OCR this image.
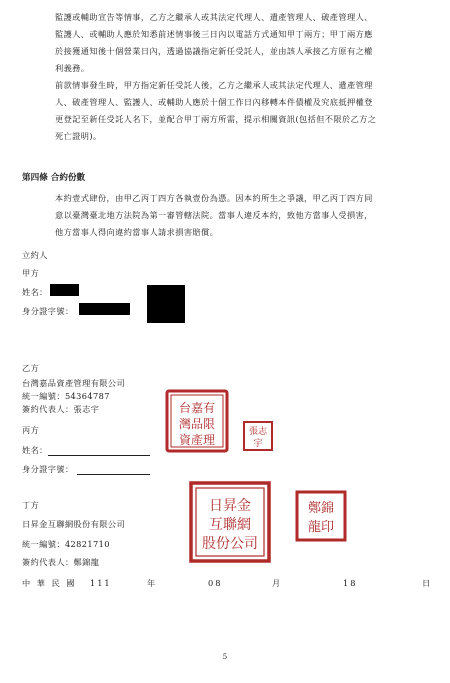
監護或輔助宣告等情事，乙方之繼承人或其法定代理人、遺產管理人、破產管理人、
監護人、或輔助人應於知悉前述情事後三日內以電話方式通知甲丁兩方；甲丁兩方應
於接獲通知後十個營業日內，透過協議指定新任受託人，並由該人承接乙方原有之權
利義務。
前款情事發生時，甲方指定新任受託人後，乙方之繼承人或其法定代理人、遺產管理
人、破產管理人、監護人、或輔助人應於十個工作日內移轉本件債權及究底抵押權登
更登記至新任受託人名下，並配合甲丁兩方所需，提示相關資訊(包括但不限於乙方之
死亡證明)。
第四條 合約份數
本約壹式肆份，由甲乙丙丁四方各執壹份為憑。因本約所生之爭議，甲乙丙丁四方同
意以臺灣臺北地方法院為第一審管轄法院。當事人違反本約，致他方當事人受損害，
他方當事人得向違約當事人請求損害賠償。
立約人
甲方
姓名：
身分證字號：
乙方
台灣嘉品資產管理有限公司
統一編號：54364787
簽約代表人：張志宇
丙方
姓名：
身分證字號：
丁方
日昇金互聯網股份有限公司
統一編號：42821710
簽約代表人：鄭錦龍
台嘉有
灣品限
資產理
張志
宇
日昇金
互聯網
股份公司
鄭錦
龍印
中 華 民 國 111	年	08	月	18	日
5
